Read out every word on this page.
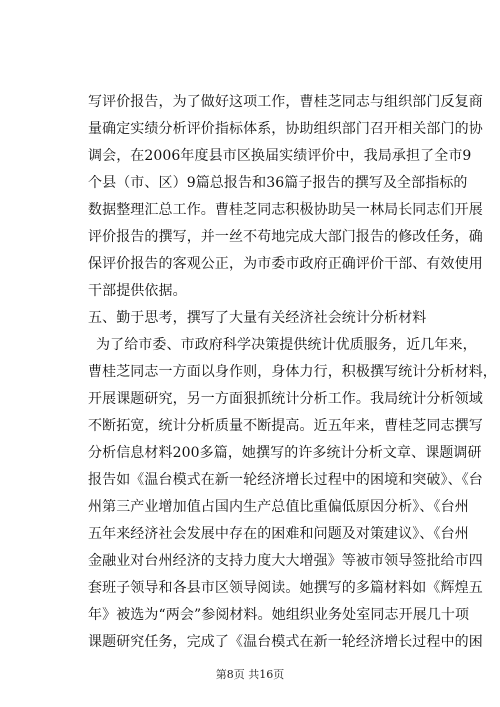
写评价报告，为了做好这项工作，曹桂芝同志与组织部门反复商
量确定实绩分析评价指标体系，协助组织部门召开相关部门的协
调会，在2006年度县市区换届实绩评价中，我局承担了全市9
个县（市、区）9篇总报告和36篇子报告的撰写及全部指标的
数据整理汇总工作。曹桂芝同志积极协助吴一林局长同志们开展
评价报告的撰写，并一丝不苟地完成大部门报告的修改任务，确
保评价报告的客观公正，为市委市政府正确评价干部、有效使用
干部提供依据。
五、勤于思考，撰写了大量有关经济社会统计分析材料
为了给市委、市政府科学决策提供统计优质服务，近几年来，
曹桂芝同志一方面以身作则，身体力行，积极撰写统计分析材料，
开展课题研究，另一方面狠抓统计分析工作。我局统计分析领域
不断拓宽，统计分析质量不断提高。近五年来，曹桂芝同志撰写
分析信息材料200多篇，她撰写的许多统计分析文章、课题调研
报告如《温台模式在新一轮经济增长过程中的困境和突破》、《台
州第三产业增加值占国内生产总值比重偏低原因分析》、《台州
五年来经济社会发展中存在的困难和问题及对策建议》、《台州
金融业对台州经济的支持力度大大增强》等被市领导签批给市四
套班子领导和各县市区领导阅读。她撰写的多篇材料如《辉煌五
年》被选为“两会”参阅材料。她组织业务处室同志开展几十项
课题研究任务，完成了《温台模式在新一轮经济增长过程中的困
第8页 共16页
